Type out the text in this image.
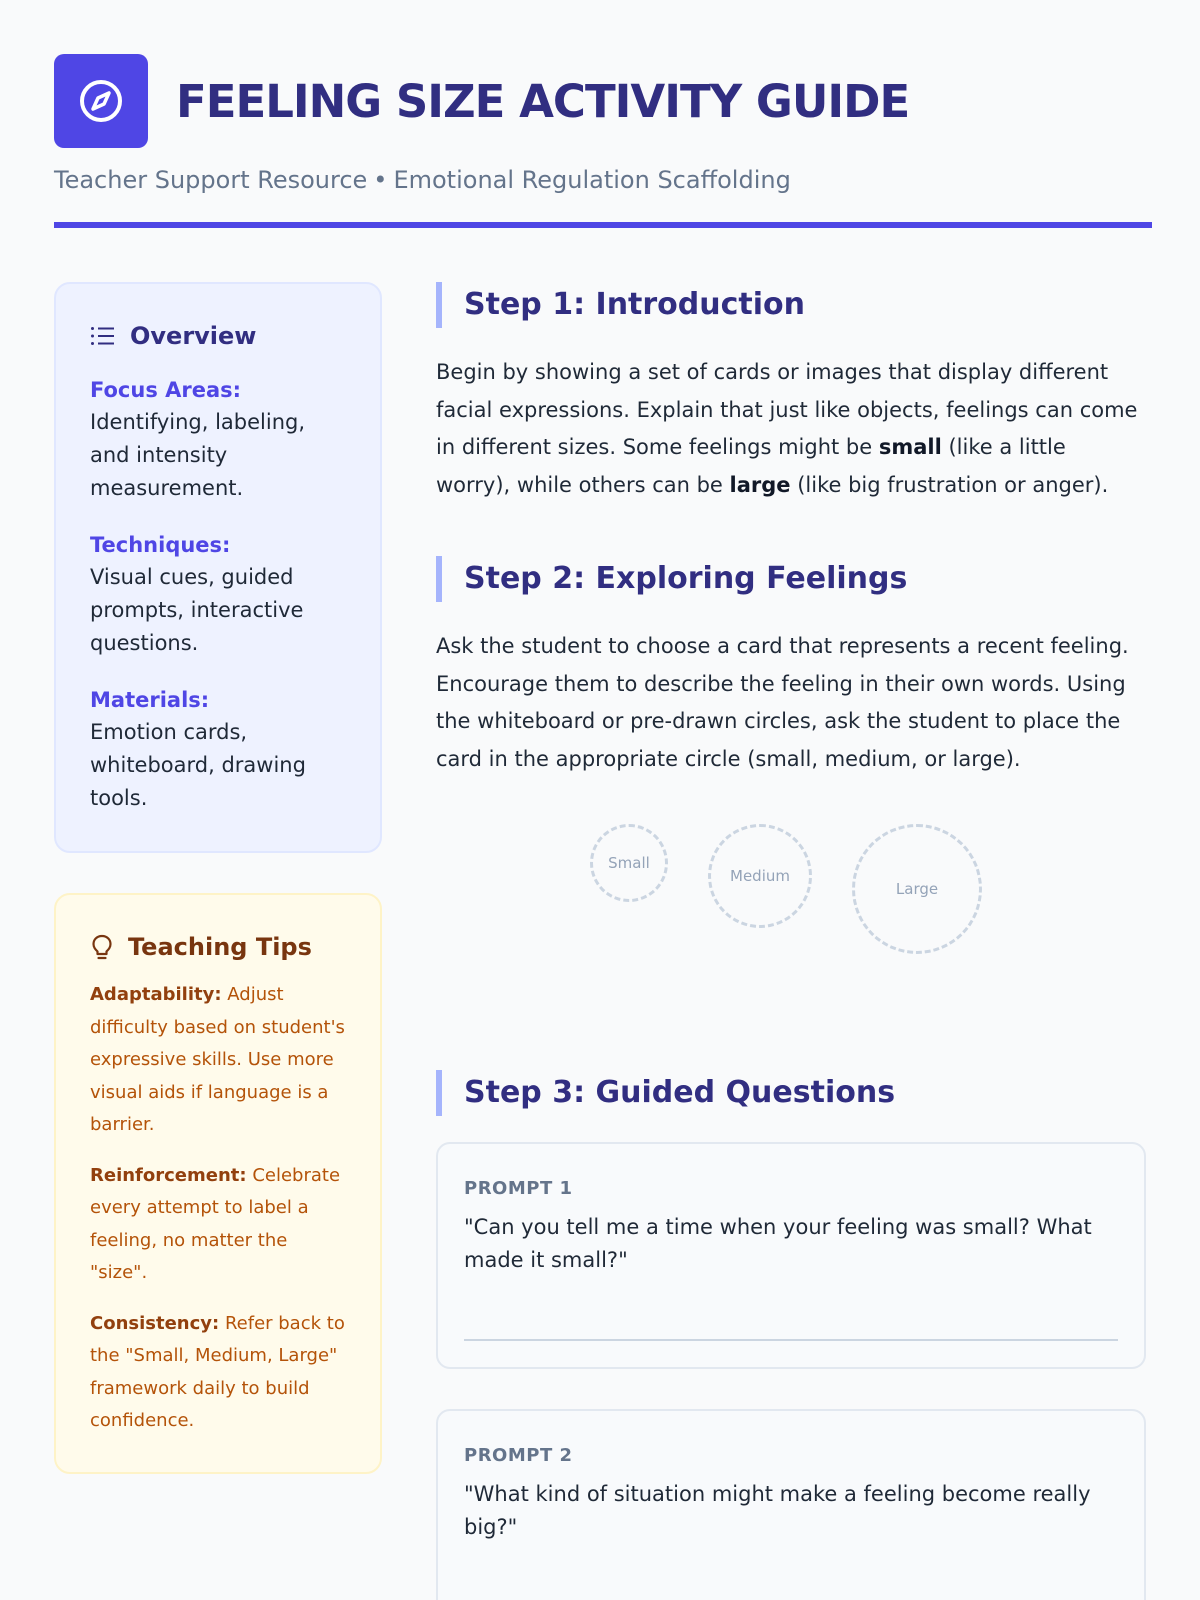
FEELING SIZE ACTIVITY GUIDE
Teacher Support Resource • Emotional Regulation Scaffolding
Overview
Focus Areas:
Identifying, labeling, and intensity measurement.
Techniques:
Visual cues, guided prompts, interactive questions.
Materials:
Emotion cards, whiteboard, drawing tools.
Teaching Tips
Adaptability: Adjust difficulty based on student's expressive skills. Use more visual aids if language is a barrier.
Reinforcement: Celebrate every attempt to label a feeling, no matter the "size".
Consistency: Refer back to the "Small, Medium, Large" framework daily to build confidence.
Step 1: Introduction
Begin by showing a set of cards or images that display different facial expressions. Explain that just like objects, feelings can come in different sizes. Some feelings might be small (like a little worry), while others can be large (like big frustration or anger).
Step 2: Exploring Feelings
Ask the student to choose a card that represents a recent feeling. Encourage them to describe the feeling in their own words. Using the whiteboard or pre-drawn circles, ask the student to place the card in the appropriate circle (small, medium, or large).
Small
Medium
Large
Step 3: Guided Questions
PROMPT 1
"Can you tell me a time when your feeling was small? What made it small?"
PROMPT 2
"What kind of situation might make a feeling become really big?"
